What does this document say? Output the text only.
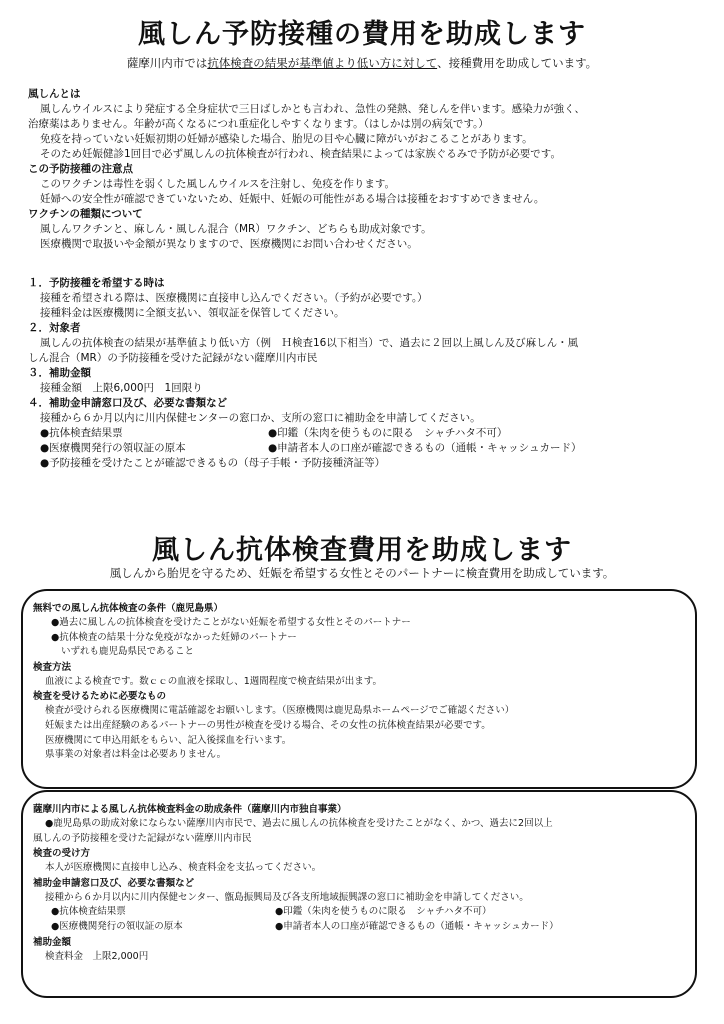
風しん予防接種の費用を助成します
薩摩川内市では抗体検査の結果が基準値より低い方に対して、接種費用を助成しています。
風しんとは
風しんウイルスにより発症する全身症状で三日ばしかとも言われ、急性の発熱、発しんを伴います。感染力が強く、
治療薬はありません。年齢が高くなるにつれ重症化しやすくなります。（はしかは別の病気です。）
免疫を持っていない妊娠初期の妊婦が感染した場合、胎児の目や心臓に障がいがおこることがあります。
そのため妊娠健診1回目で必ず風しんの抗体検査が行われ、検査結果によっては家族ぐるみで予防が必要です。
この予防接種の注意点
このワクチンは毒性を弱くした風しんウイルスを注射し、免疫を作ります。
妊婦への安全性が確認できていないため、妊娠中、妊娠の可能性がある場合は接種をおすすめできません。
ワクチンの種類について
風しんワクチンと、麻しん・風しん混合（MR）ワクチン、どちらも助成対象です。
医療機関で取扱いや金額が異なりますので、医療機関にお問い合わせください。
１．予防接種を希望する時は
接種を希望される際は、医療機関に直接申し込んでください。（予約が必要です。）
接種料金は医療機関に全額支払い、領収証を保管してください。
２．対象者
風しんの抗体検査の結果が基準値より低い方（例　Ｈ検査16以下相当）で、過去に２回以上風しん及び麻しん・風
しん混合（MR）の予防接種を受けた記録がない薩摩川内市民
３．補助金額
接種金額　上限6,000円　1回限り
４．補助金申請窓口及び、必要な書類など
接種から６か月以内に川内保健センターの窓口か、支所の窓口に補助金を申請してください。
●抗体検査結果票	●印鑑（朱肉を使うものに限る　シャチハタ不可）
●医療機関発行の領収証の原本	●申請者本人の口座が確認できるもの（通帳・キャッシュカード）
●予防接種を受けたことが確認できるもの（母子手帳・予防接種済証等）
風しん抗体検査費用を助成します
風しんから胎児を守るため、妊娠を希望する女性とそのパートナーに検査費用を助成しています。
無料での風しん抗体検査の条件（鹿児島県）
●過去に風しんの抗体検査を受けたことがない妊娠を希望する女性とそのパートナー
●抗体検査の結果十分な免疫がなかった妊婦のパートナー
いずれも鹿児島県民であること
検査方法
血液による検査です。数ｃｃの血液を採取し、1週間程度で検査結果が出ます。
検査を受けるために必要なもの
検査が受けられる医療機関に電話確認をお願いします。（医療機関は鹿児島県ホームページでご確認ください）
妊娠または出産経験のあるパートナーの男性が検査を受ける場合、その女性の抗体検査結果が必要です。
医療機関にて申込用紙をもらい、記入後採血を行います。
県事業の対象者は料金は必要ありません。
薩摩川内市による風しん抗体検査料金の助成条件（薩摩川内市独自事業）
●鹿児島県の助成対象にならない薩摩川内市民で、過去に風しんの抗体検査を受けたことがなく、かつ、過去に2回以上
風しんの予防接種を受けた記録がない薩摩川内市民
検査の受け方
本人が医療機関に直接申し込み、検査料金を支払ってください。
補助金申請窓口及び、必要な書類など
接種から６か月以内に川内保健センター、甑島振興局及び各支所地域振興課の窓口に補助金を申請してください。
●抗体検査結果票	●印鑑（朱肉を使うものに限る　シャチハタ不可）
●医療機関発行の領収証の原本	●申請者本人の口座が確認できるもの（通帳・キャッシュカード）
補助金額
検査料金　上限2,000円
